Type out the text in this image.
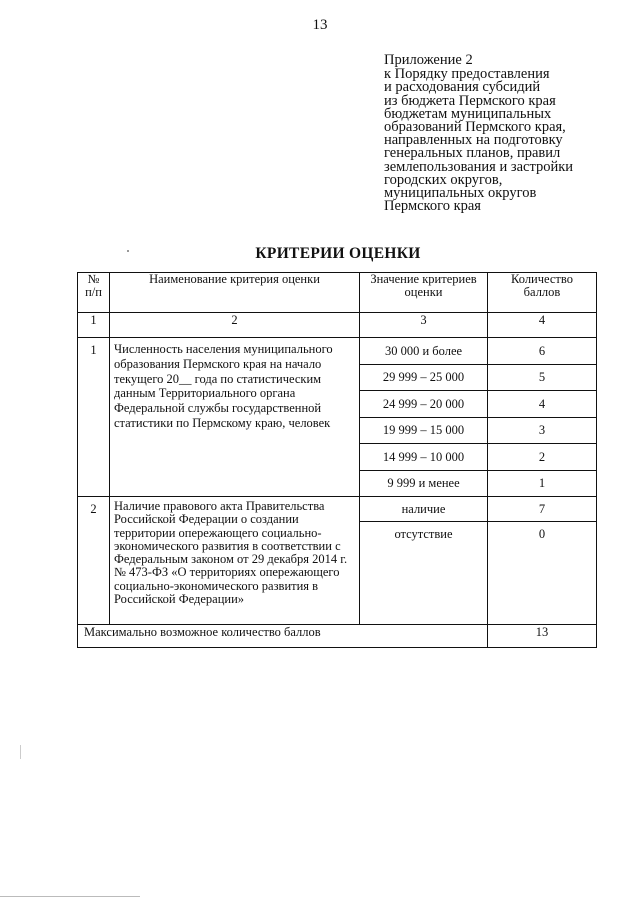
13
Приложение 2
к Порядку предоставления
и расходования субсидий
из бюджета Пермского края
бюджетам муниципальных
образований Пермского края,
направленных на подготовку
генеральных планов, правил
землепользования и застройки
городских округов,
муниципальных округов
Пермского края
КРИТЕРИИ ОЦЕНКИ
№ п/п	Наименование критерия оценки	Значение критериев оценки	Количество баллов

1	2	3	4
1	Численность населения муниципального образования Пермского края на начало текущего 20__ года по статистическим данным Территориального органа Федеральной службы государственной статистики по Пермскому краю, человек	30 000 и более	6
		29 999 – 25 000	5
		24 999 – 20 000	4
		19 999 – 15 000	3
		14 999 – 10 000	2
		9 999 и менее	1
2	Наличие правового акта Правительства Российской Федерации о создании территории опережающего социально-экономического развития в соответствии с Федеральным законом от 29 декабря 2014 г. № 473-ФЗ «О территориях опережающего социально-экономического развития в Российской Федерации»	наличие	7
		отсутствие	0
Максимально возможное количество баллов			13
